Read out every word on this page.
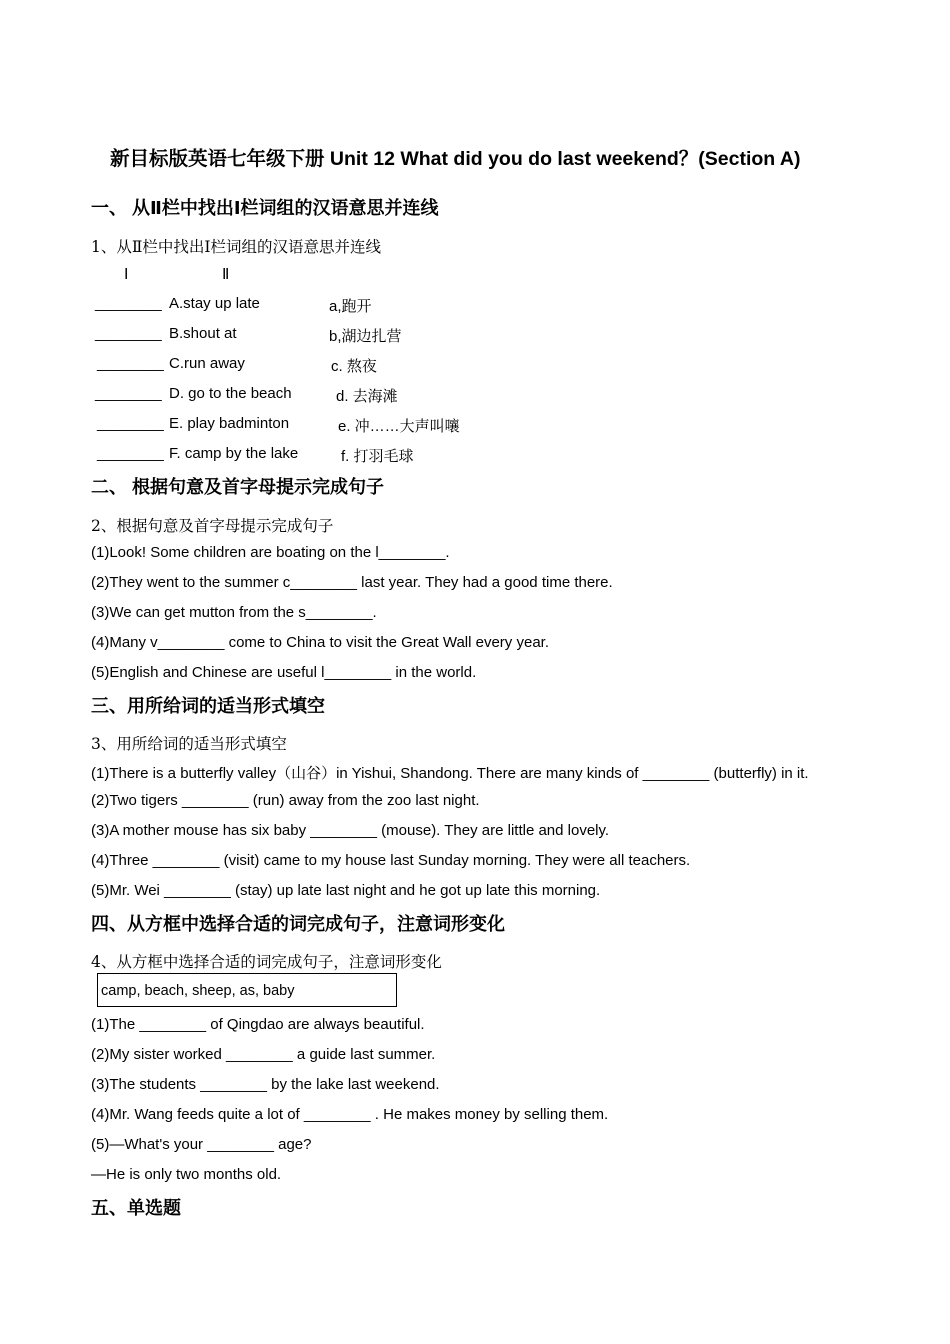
新目标版英语七年级下册 Unit 12 What did you do last weekend？(Section A)
一、 从Ⅱ栏中找出Ⅰ栏词组的汉语意思并连线
1、从Ⅱ栏中找出Ⅰ栏词组的汉语意思并连线
Ⅰ	Ⅱ
________ A.stay up late	a,跑开
________ B.shout at	b,湖边扎营
________ C.run away	c. 熬夜
________ D. go to the beach	d. 去海滩
________ E. play badminton	e. 冲……大声叫嚷
________ F. camp by the lake	f. 打羽毛球
二、 根据句意及首字母提示完成句子
2、根据句意及首字母提示完成句子
(1)Look! Some children are boating on the l________.
(2)They went to the summer c________ last year. They had a good time there.
(3)We can get mutton from the s________.
(4)Many v________ come to China to visit the Great Wall every year.
(5)English and Chinese are useful l________ in the world.
三、用所给词的适当形式填空
3、用所给词的适当形式填空
(1)There is a butterfly valley（山谷）in Yishui, Shandong. There are many kinds of ________ (butterfly) in it.
(2)Two tigers ________ (run) away from the zoo last night.
(3)A mother mouse has six baby ________ (mouse). They are little and lovely.
(4)Three ________ (visit) came to my house last Sunday morning. They were all teachers.
(5)Mr. Wei ________ (stay) up late last night and he got up late this morning.
四、从方框中选择合适的词完成句子，注意词形变化
4、从方框中选择合适的词完成句子，注意词形变化
camp, beach, sheep, as, baby
(1)The ________ of Qingdao are always beautiful.
(2)My sister worked ________ a guide last summer.
(3)The students ________ by the lake last weekend.
(4)Mr. Wang feeds quite a lot of ________ . He makes money by selling them.
(5)—What's your ________ age?
—He is only two months old.
五、单选题
